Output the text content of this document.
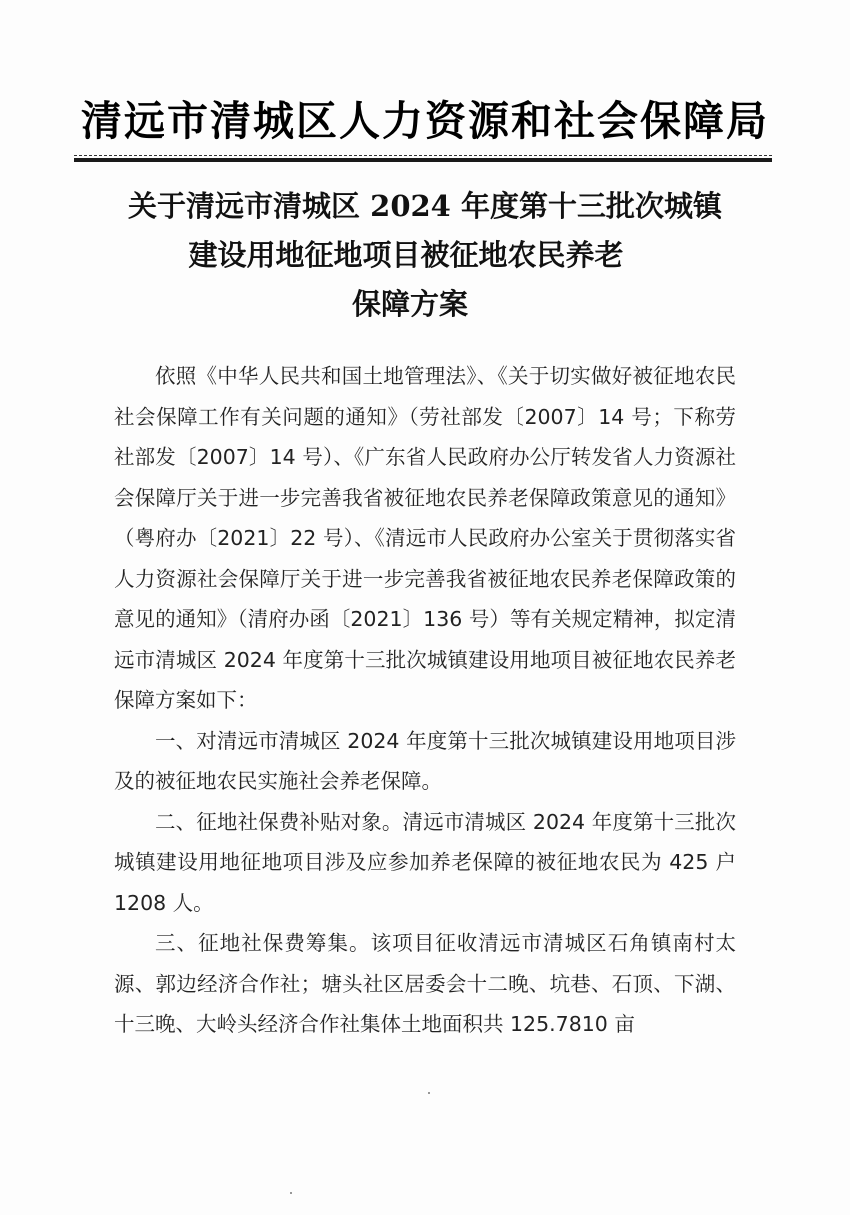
清远市清城区人力资源和社会保障局
关于清远市清城区 2024 年度第十三批次城镇
建设用地征地项目被征地农民养老
保障方案

依照《中华人民共和国土地管理法》、《关于切实做好被征地农民社会保障工作有关问题的通知》（劳社部发〔2007〕14 号；下称劳社部发〔2007〕14 号）、《广东省人民政府办公厅转发省人力资源社会保障厅关于进一步完善我省被征地农民养老保障政策意见的通知》（粤府办〔2021〕22 号）、《清远市人民政府办公室关于贯彻落实省人力资源社会保障厅关于进一步完善我省被征地农民养老保障政策的意见的通知》（清府办函〔2021〕136 号）等有关规定精神，拟定清远市清城区 2024 年度第十三批次城镇建设用地项目被征地农民养老保障方案如下：

一、对清远市清城区 2024 年度第十三批次城镇建设用地项目涉及的被征地农民实施社会养老保障。

二、征地社保费补贴对象。清远市清城区 2024 年度第十三批次城镇建设用地征地项目涉及应参加养老保障的被征地农民为 425 户 1208 人。

三、征地社保费筹集。该项目征收清远市清城区石角镇南村太源、郭边经济合作社；塘头社区居委会十二晚、坑巷、石顶、下湖、十三晚、大岭头经济合作社集体土地面积共 125.7810 亩
